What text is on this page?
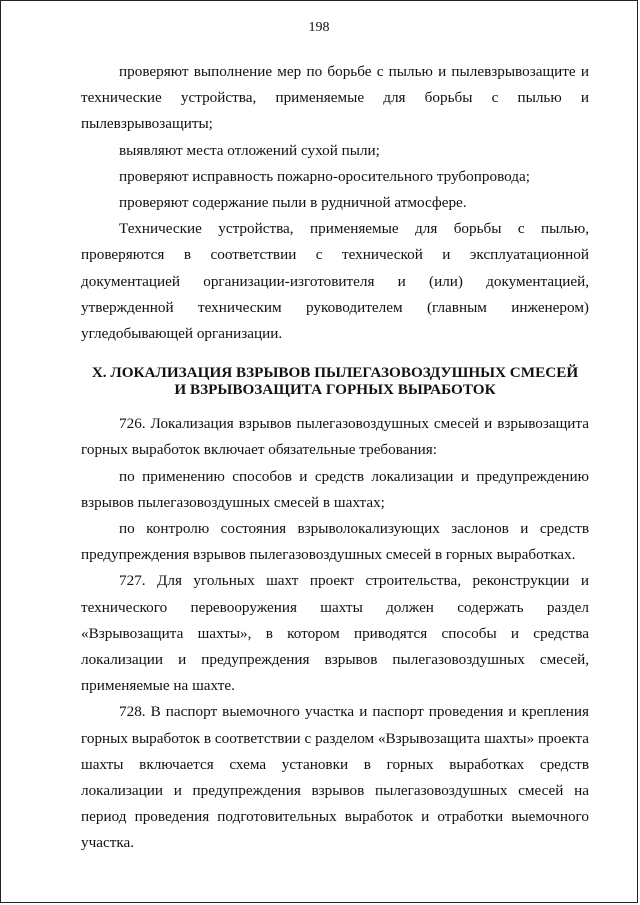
198

проверяют выполнение мер по борьбе с пылью и пылевзрывозащите и технические устройства, применяемые для борьбы с пылью и пылевзрывозащиты;

выявляют места отложений сухой пыли;

проверяют исправность пожарно-оросительного трубопровода;

проверяют содержание пыли в рудничной атмосфере.

Технические устройства, применяемые для борьбы с пылью, проверяются в соответствии с технической и эксплуатационной документацией организации-изготовителя и (или) документацией, утвержденной техническим руководителем (главным инженером) угледобывающей организации.

X. ЛОКАЛИЗАЦИЯ ВЗРЫВОВ ПЫЛЕГАЗОВОЗДУШНЫХ СМЕСЕЙ
И ВЗРЫВОЗАЩИТА ГОРНЫХ ВЫРАБОТОК

726. Локализация взрывов пылегазовоздушных смесей и взрывозащита горных выработок включает обязательные требования:

по применению способов и средств локализации и предупреждению взрывов пылегазовоздушных смесей в шахтах;

по контролю состояния взрыволокализующих заслонов и средств предупреждения взрывов пылегазовоздушных смесей в горных выработках.

727. Для угольных шахт проект строительства, реконструкции и технического перевооружения шахты должен содержать раздел «Взрывозащита шахты», в котором приводятся способы и средства локализации и предупреждения взрывов пылегазовоздушных смесей, применяемые на шахте.

728. В паспорт выемочного участка и паспорт проведения и крепления горных выработок в соответствии с разделом «Взрывозащита шахты» проекта шахты включается схема установки в горных выработках средств локализации и предупреждения взрывов пылегазовоздушных смесей на период проведения подготовительных выработок и отработки выемочного участка.
